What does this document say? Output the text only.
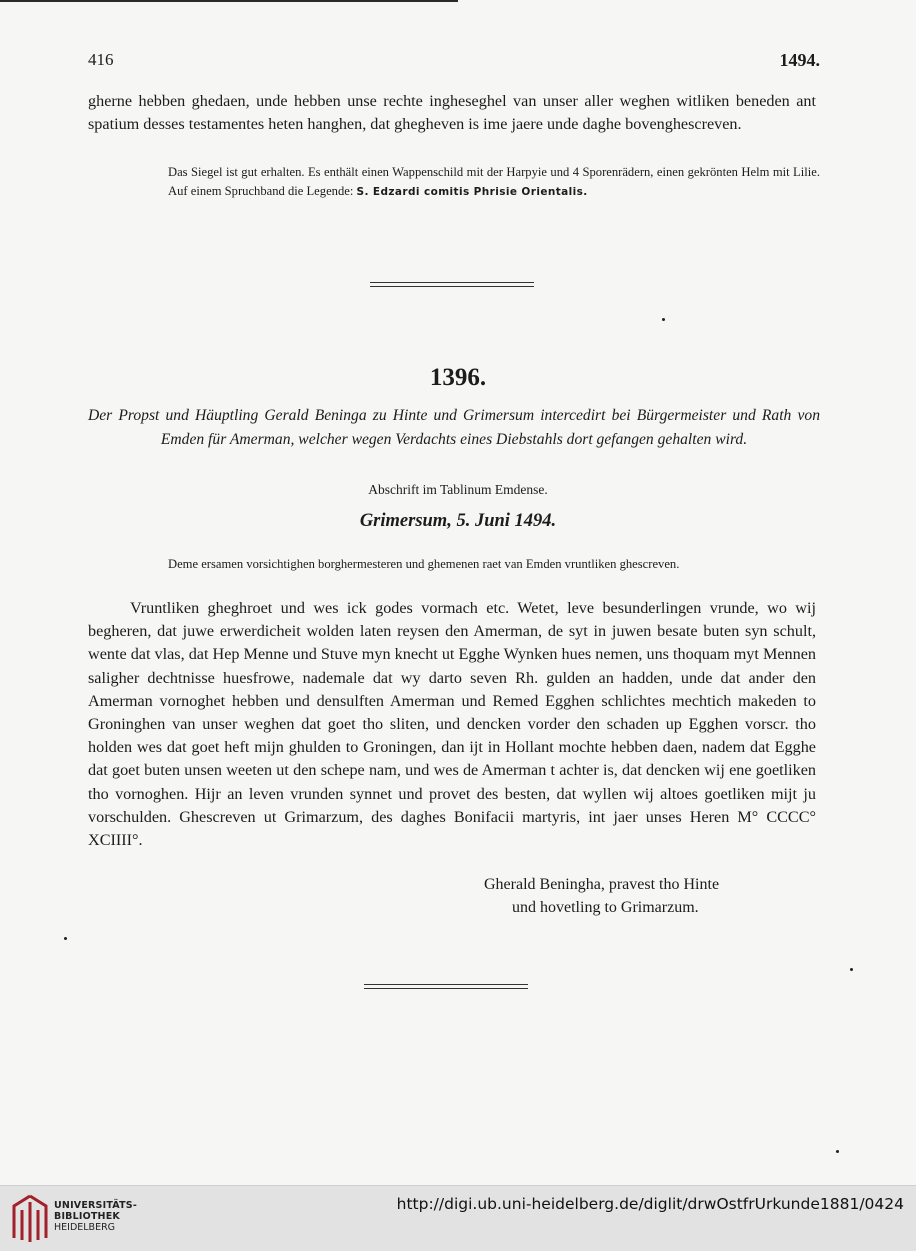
416	1494.

gherne hebben ghedaen, unde hebben unse rechte ingheseghel van unser aller weghen witliken beneden ant spatium desses testamentes heten hanghen, dat ghegheven is ime jaere unde daghe bovenghescreven.

Das Siegel ist gut erhalten. Es enthält einen Wappenschild mit der Harpyie und 4 Sporenrädern, einen gekrönten Helm mit Lilie. Auf einem Spruchband die Legende: S. Edzardi comitis Phrisie Orientalis.

1396.

Der Propst und Häuptling Gerald Beninga zu Hinte und Grimersum intercedirt bei Bürgermeister und Rath von Emden für Amerman, welcher wegen Verdachts eines Diebstahls dort gefangen gehalten wird.

Abschrift im Tablinum Emdense.

Grimersum, 5. Juni 1494.

Deme ersamen vorsichtighen borghermesteren und ghemenen raet van Emden vruntliken ghescreven.

Vruntliken gheghroet und wes ick godes vormach etc. Wetet, leve besunderlingen vrunde, wo wij begheren, dat juwe erwerdicheit wolden laten reysen den Amerman, de syt in juwen besate buten syn schult, wente dat vlas, dat Hep Menne und Stuve myn knecht ut Egghe Wynken hues nemen, uns thoquam myt Mennen saligher dechtnisse huesfrowe, nademale dat wy darto seven Rh. gulden an hadden, unde dat ander den Amerman vornoghet hebben und densulften Amerman und Remed Egghen schlichtes mechtich makeden to Groninghen van unser weghen dat goet tho sliten, und dencken vorder den schaden up Egghen vorscr. tho holden wes dat goet heft mijn ghulden to Groningen, dan ijt in Hollant mochte hebben daen, nadem dat Egghe dat goet buten unsen weeten ut den schepe nam, und wes de Amerman t achter is, dat dencken wij ene goetliken tho vornoghen. Hijr an leven vrunden synnet und provet des besten, dat wyllen wij altoes goetliken mijt ju vorschulden. Ghescreven ut Grimarzum, des daghes Bonifacii martyris, int jaer unses Heren M° CCCC° XCIIII°.

Gherald Beningha, pravest tho Hinte
und hovetling to Grimarzum.
UNIVERSITÄTS-
BIBLIOTHEK
HEIDELBERG
http://digi.ub.uni-heidelberg.de/diglit/drwOstfrUrkunde1881/0424
